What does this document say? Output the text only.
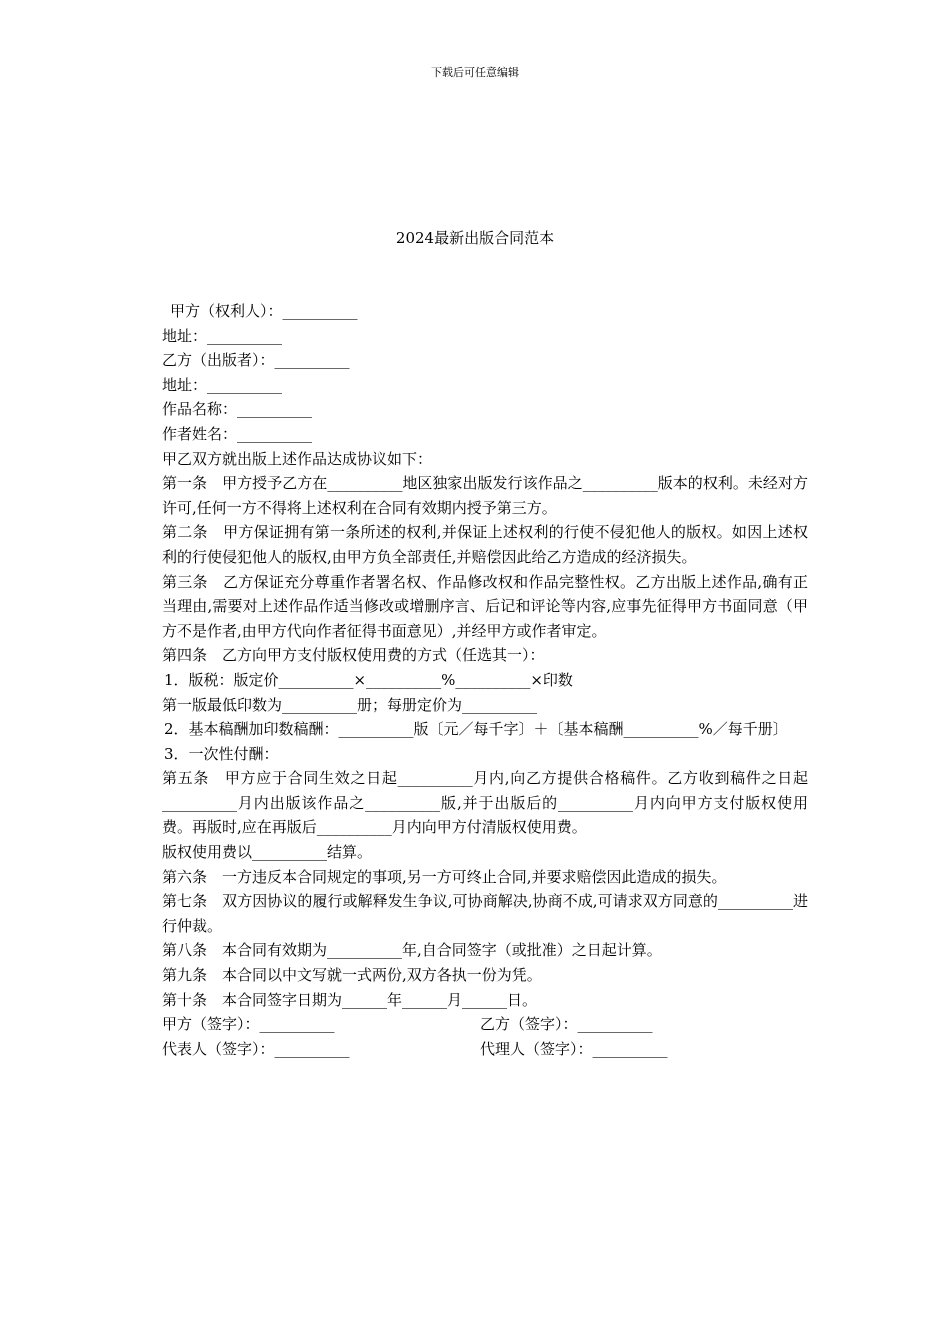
下载后可任意编辑
2024最新出版合同范本

甲方（权利人）：__________

地址：__________

乙方（出版者）：__________

地址：__________

作品名称：__________

作者姓名：__________

甲乙双方就出版上述作品达成协议如下：

第一条　甲方授予乙方在__________地区独家出版发行该作品之__________版本的权利。未经对方许可,任何一方不得将上述权利在合同有效期内授予第三方。

第二条　甲方保证拥有第一条所述的权利,并保证上述权利的行使不侵犯他人的版权。如因上述权利的行使侵犯他人的版权,由甲方负全部责任,并赔偿因此给乙方造成的经济损失。

第三条　乙方保证充分尊重作者署名权、作品修改权和作品完整性权。乙方出版上述作品,确有正当理由,需要对上述作品作适当修改或增删序言、后记和评论等内容,应事先征得甲方书面同意（甲方不是作者,由甲方代向作者征得书面意见）,并经甲方或作者审定。

第四条　乙方向甲方支付版权使用费的方式（任选其一）：

1．版税：版定价__________×__________%__________×印数

第一版最低印数为__________册；每册定价为__________

2．基本稿酬加印数稿酬：__________版〔元／每千字〕＋〔基本稿酬__________%／每千册〕

3．一次性付酬：

第五条　甲方应于合同生效之日起__________月内,向乙方提供合格稿件。乙方收到稿件之日起__________月内出版该作品之__________版,并于出版后的__________月内向甲方支付版权使用费。再版时,应在再版后__________月内向甲方付清版权使用费。

版权使用费以__________结算。

第六条　一方违反本合同规定的事项,另一方可终止合同,并要求赔偿因此造成的损失。

第七条　双方因协议的履行或解释发生争议,可协商解决,协商不成,可请求双方同意的__________进行仲裁。

第八条　本合同有效期为__________年,自合同签字（或批准）之日起计算。

第九条　本合同以中文写就一式两份,双方各执一份为凭。

第十条　本合同签字日期为______年______月______日。

甲方（签字）：__________	乙方（签字）：__________
代表人（签字）：__________	代理人（签字）：__________
